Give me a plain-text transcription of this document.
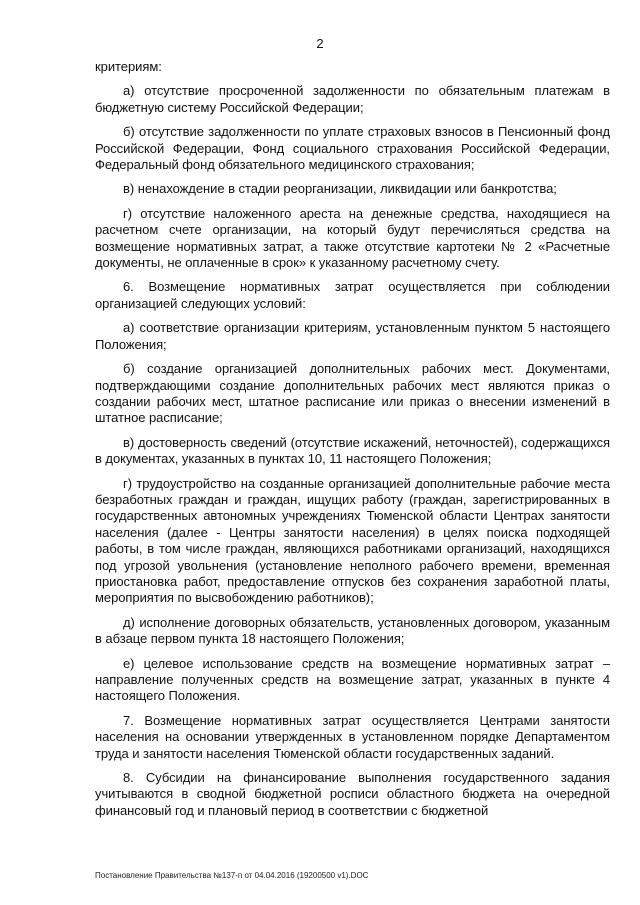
2

критериям:

а) отсутствие просроченной задолженности по обязательным платежам в бюджетную систему Российской Федерации;

б) отсутствие задолженности по уплате страховых взносов в Пенсионный фонд Российской Федерации, Фонд социального страхования Российской Федерации, Федеральный фонд обязательного медицинского страхования;

в) ненахождение в стадии реорганизации, ликвидации или банкротства;

г) отсутствие наложенного ареста на денежные средства, находящиеся на расчетном счете организации, на который будут перечисляться средства на возмещение нормативных затрат, а также отсутствие картотеки № 2 «Расчетные документы, не оплаченные в срок» к указанному расчетному счету.

6. Возмещение нормативных затрат осуществляется при соблюдении организацией следующих условий:

а) соответствие организации критериям, установленным пунктом 5 настоящего Положения;

б) создание организацией дополнительных рабочих мест. Документами, подтверждающими создание дополнительных рабочих мест являются приказ о создании рабочих мест, штатное расписание или приказ о внесении изменений в штатное расписание;

в) достоверность сведений (отсутствие искажений, неточностей), содержащихся в документах, указанных в пунктах 10, 11 настоящего Положения;

г) трудоустройство на созданные организацией дополнительные рабочие места безработных граждан и граждан, ищущих работу (граждан, зарегистрированных в государственных автономных учреждениях Тюменской области Центрах занятости населения (далее - Центры занятости населения) в целях поиска подходящей работы, в том числе граждан, являющихся работниками организаций, находящихся под угрозой увольнения (установление неполного рабочего времени, временная приостановка работ, предоставление отпусков без сохранения заработной платы, мероприятия по высвобождению работников);

д) исполнение договорных обязательств, установленных договором, указанным в абзаце первом пункта 18 настоящего Положения;

е) целевое использование средств на возмещение нормативных затрат – направление полученных средств на возмещение затрат, указанных в пункте 4 настоящего Положения.

7. Возмещение нормативных затрат осуществляется Центрами занятости населения на основании утвержденных в установленном порядке Департаментом труда и занятости населения Тюменской области государственных заданий.

8. Субсидии на финансирование выполнения государственного задания учитываются в сводной бюджетной росписи областного бюджета на очередной финансовый год и плановый период в соответствии с бюджетной

Постановление Правительства №137-п от 04.04.2016 (19200500 v1).DOC
